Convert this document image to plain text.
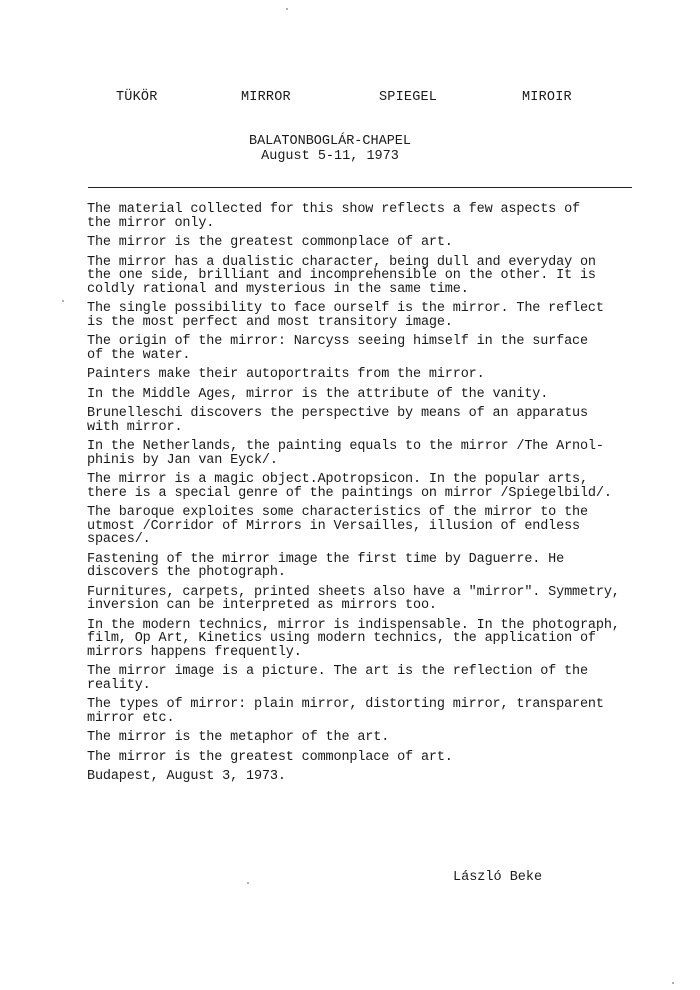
TÜKÖR	MIRROR	SPIEGEL	MIROIR
BALATONBOGLÁR-CHAPEL
August 5-11, 1973

The material collected for this show reflects a few aspects of
the mirror only.

The mirror is the greatest commonplace of art.

The mirror has a dualistic character, being dull and everyday on
the one side, brilliant and incomprehensible on the other. It is
coldly rational and mysterious in the same time.

The single possibility to face ourself is the mirror. The reflect
is the most perfect and most transitory image.

The origin of the mirror: Narcyss seeing himself in the surface
of the water.

Painters make their autoportraits from the mirror.

In the Middle Ages, mirror is the attribute of the vanity.

Brunelleschi discovers the perspective by means of an apparatus
with mirror.

In the Netherlands, the painting equals to the mirror /The Arnol-
phinis by Jan van Eyck/.

The mirror is a magic object.Apotropsicon. In the popular arts,
there is a special genre of the paintings on mirror /Spiegelbild/.

The baroque exploites some characteristics of the mirror to the
utmost /Corridor of Mirrors in Versailles, illusion of endless
spaces/.

Fastening of the mirror image the first time by Daguerre. He
discovers the photograph.

Furnitures, carpets, printed sheets also have a "mirror". Symmetry,
inversion can be interpreted as mirrors too.

In the modern technics, mirror is indispensable. In the photograph,
film, Op Art, Kinetics using modern technics, the application of
mirrors happens frequently.

The mirror image is a picture. The art is the reflection of the
reality.

The types of mirror: plain mirror, distorting mirror, transparent
mirror etc.

The mirror is the metaphor of the art.

The mirror is the greatest commonplace of art.

Budapest, August 3, 1973.

László Beke
